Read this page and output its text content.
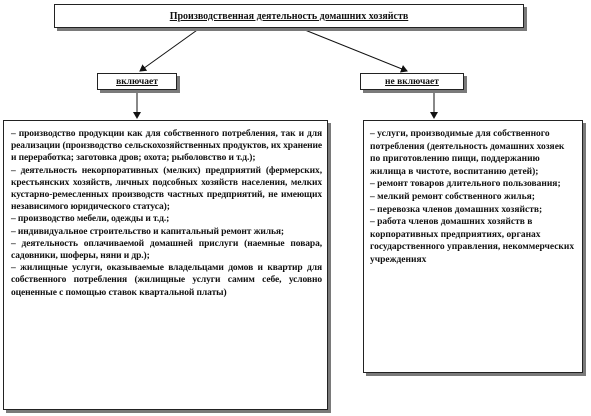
Производственная деятельность домашних хозяйств
включает	не включает
– производство продукции как для собственного потребления, так и для реализации (производство сельскохозяйственных продуктов, их хранение и переработка; заготовка дров; охота; рыболовство и т.д.);
– деятельность некорпоративных (мелких) предприятий (фермерских, крестьянских хозяйств, личных подсобных хозяйств населения, мелких кустарно-ремесленных производств частных предприятий, не имеющих независимого юридического статуса);
– производство мебели, одежды и т.д.;
– индивидуальное строительство и капитальный ремонт жилья;
– деятельность оплачиваемой домашней прислуги (наемные повара, садовники, шоферы, няни и др.);
– жилищные услуги, оказываемые владельцами домов и квартир для собственного потребления (жилищные услуги самим себе, условно оцененные с помощью ставок квартальной платы)
– услуги, производимые для собственного потребления (деятельность домашних хозяек по приготовлению пищи, поддержанию жилища в чистоте, воспитанию детей);
– ремонт товаров длительного пользования;
– мелкий ремонт собственного жилья;
– перевозка членов домашних хозяйств;
– работа членов домашних хозяйств в корпоративных предприятиях, органах государственного управления, некоммерческих учреждениях
